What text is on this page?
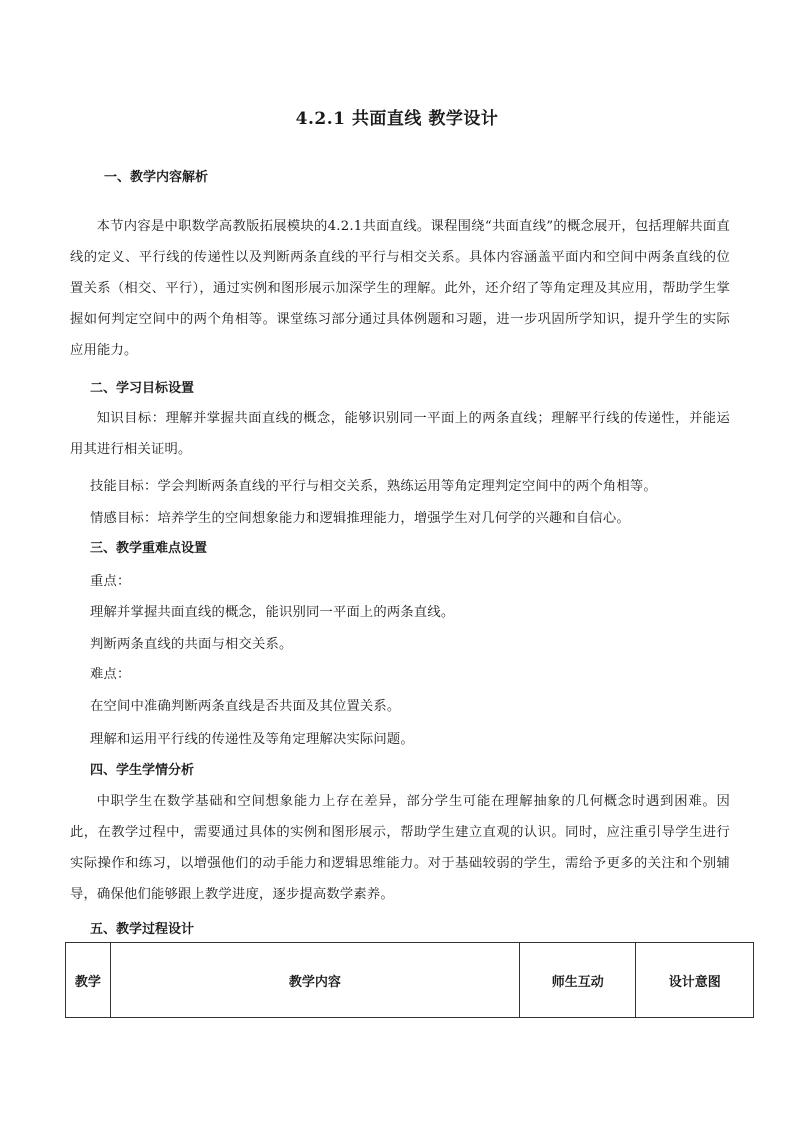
4.2.1 共面直线 教学设计
一、教学内容解析
本节内容是中职数学高教版拓展模块的4.2.1共面直线。课程围绕“共面直线”的概念展开，包括理解共面直线的定义、平行线的传递性以及判断两条直线的平行与相交关系。具体内容涵盖平面内和空间中两条直线的位置关系（相交、平行），通过实例和图形展示加深学生的理解。此外，还介绍了等角定理及其应用，帮助学生掌握如何判定空间中的两个角相等。课堂练习部分通过具体例题和习题，进一步巩固所学知识，提升学生的实际应用能力。
二、学习目标设置
知识目标：理解并掌握共面直线的概念，能够识别同一平面上的两条直线；理解平行线的传递性，并能运用其进行相关证明。
技能目标：学会判断两条直线的平行与相交关系，熟练运用等角定理判定空间中的两个角相等。
情感目标：培养学生的空间想象能力和逻辑推理能力，增强学生对几何学的兴趣和自信心。
三、教学重难点设置
重点：
理解并掌握共面直线的概念，能识别同一平面上的两条直线。
判断两条直线的共面与相交关系。
难点：
在空间中准确判断两条直线是否共面及其位置关系。
理解和运用平行线的传递性及等角定理解决实际问题。
四、学生学情分析
中职学生在数学基础和空间想象能力上存在差异，部分学生可能在理解抽象的几何概念时遇到困难。因此，在教学过程中，需要通过具体的实例和图形展示，帮助学生建立直观的认识。同时，应注重引导学生进行实际操作和练习，以增强他们的动手能力和逻辑思维能力。对于基础较弱的学生，需给予更多的关注和个别辅导，确保他们能够跟上教学进度，逐步提高数学素养。
五、教学过程设计
教学	教学内容	师生互动	设计意图
